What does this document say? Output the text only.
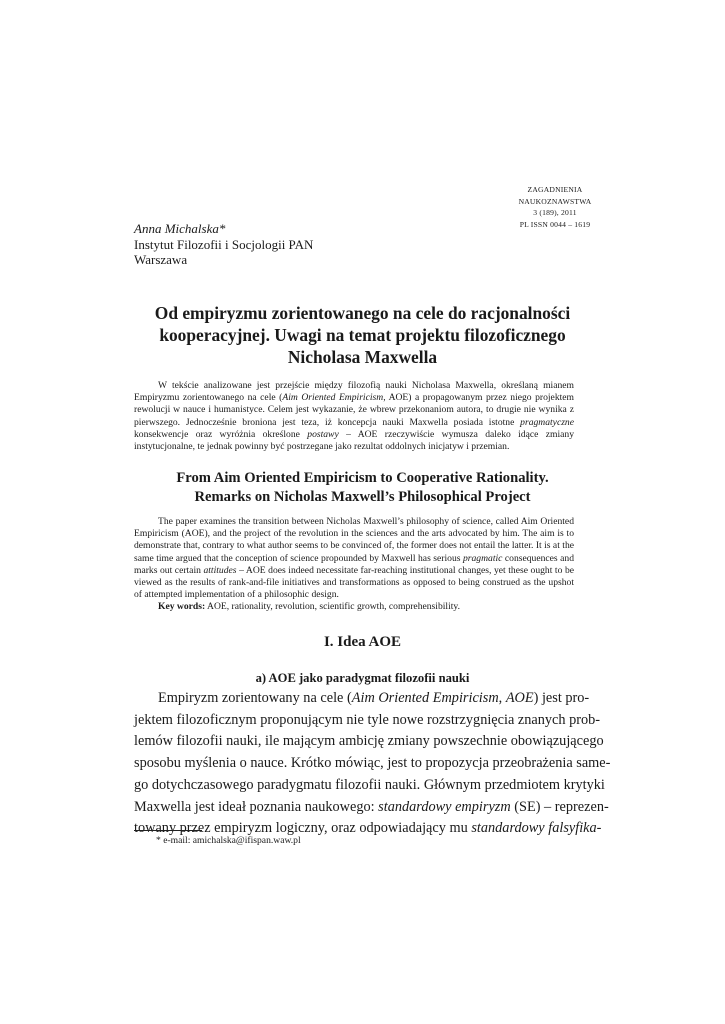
ZAGADNIENIA
NAUKOZNAWSTWA
3 (189), 2011
PL ISSN 0044 – 1619
Anna Michalska*
Instytut Filozofii i Socjologii PAN
Warszawa
Od empiryzmu zorientowanego na cele do racjonalności
kooperacyjnej. Uwagi na temat projektu filozoficznego
Nicholasa Maxwella

W tekście analizowane jest przejście między filozofią nauki Nicholasa Maxwella, określaną mianem Empiryzmu zorientowanego na cele (Aim Oriented Empiricism, AOE) a propagowanym przez niego projektem rewolucji w nauce i humanistyce. Celem jest wykazanie, że wbrew przekonaniom autora, to drugie nie wynika z pierwszego. Jednocześnie broniona jest teza, iż koncepcja nauki Maxwella posiada istotne pragmatyczne konsekwencje oraz wyróżnia określone postawy – AOE rzeczywiście wymusza daleko idące zmiany instytucjonalne, te jednak powinny być postrzegane jako rezultat oddolnych inicjatyw i przemian.

From Aim Oriented Empiricism to Cooperative Rationality.
Remarks on Nicholas Maxwell’s Philosophical Project

The paper examines the transition between Nicholas Maxwell’s philosophy of science, called Aim Oriented Empiricism (AOE), and the project of the revolution in the sciences and the arts advocated by him. The aim is to demonstrate that, contrary to what author seems to be convinced of, the former does not entail the latter. It is at the same time argued that the conception of science propounded by Maxwell has serious pragmatic consequences and marks out certain attitudes – AOE does indeed necessitate far-reaching institutional changes, yet these ought to be viewed as the results of rank-and-file initiatives and transformations as opposed to being construed as the upshot of attempted implementation of a philosophic design.

Key words: AOE, rationality, revolution, scientific growth, comprehensibility.

I. Idea AOE
a) AOE jako paradygmat filozofii nauki
Empiryzm zorientowany na cele (Aim Oriented Empiricism, AOE) jest pro-
jektem filozoficznym proponującym nie tyle nowe rozstrzygnięcia znanych prob-
lemów filozofii nauki, ile mającym ambicję zmiany powszechnie obowiązującego
sposobu myślenia o nauce. Krótko mówiąc, jest to propozycja przeobrażenia same-
go dotychczasowego paradygmatu filozofii nauki. Głównym przedmiotem krytyki
Maxwella jest ideał poznania naukowego: standardowy empiryzm (SE) – reprezen-
towany przez empiryzm logiczny, oraz odpowiadający mu standardowy falsyfika-
* e-mail: amichalska@ifispan.waw.pl
